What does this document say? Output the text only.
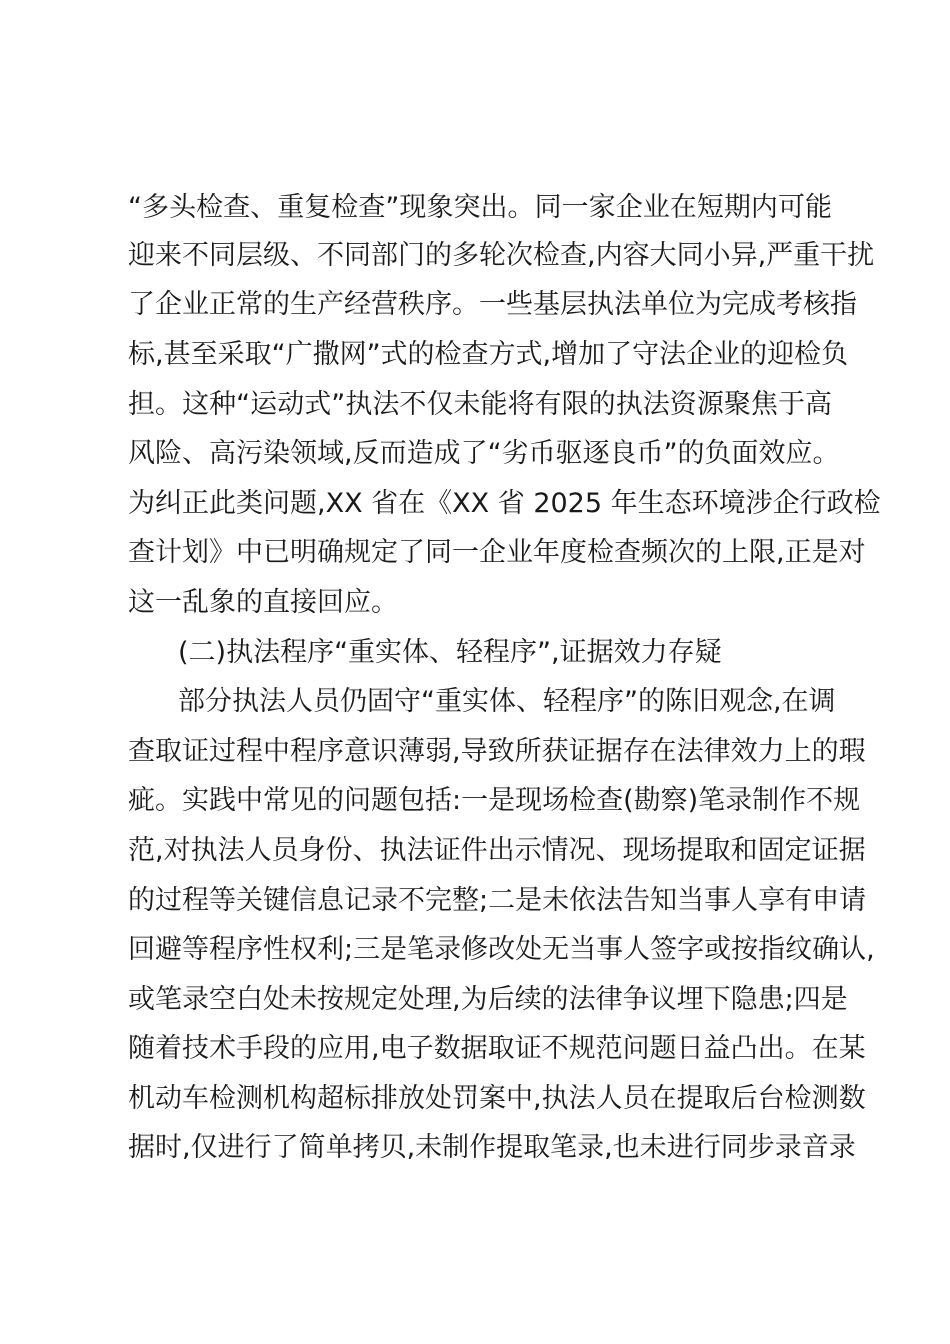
“多头检查、重复检查”现象突出。同一家企业在短期内可能
迎来不同层级、不同部门的多轮次检查,内容大同小异,严重干扰
了企业正常的生产经营秩序。一些基层执法单位为完成考核指
标,甚至采取“广撒网”式的检查方式,增加了守法企业的迎检负
担。这种“运动式”执法不仅未能将有限的执法资源聚焦于高
风险、高污染领域,反而造成了“劣币驱逐良币”的负面效应。
为纠正此类问题,XX 省在《XX 省 2025 年生态环境涉企行政检
查计划》中已明确规定了同一企业年度检查频次的上限,正是对
这一乱象的直接回应。
(二)执法程序“重实体、轻程序”,证据效力存疑
部分执法人员仍固守“重实体、轻程序”的陈旧观念,在调
查取证过程中程序意识薄弱,导致所获证据存在法律效力上的瑕
疵。实践中常见的问题包括:一是现场检查(勘察)笔录制作不规
范,对执法人员身份、执法证件出示情况、现场提取和固定证据
的过程等关键信息记录不完整;二是未依法告知当事人享有申请
回避等程序性权利;三是笔录修改处无当事人签字或按指纹确认,
或笔录空白处未按规定处理,为后续的法律争议埋下隐患;四是
随着技术手段的应用,电子数据取证不规范问题日益凸出。在某
机动车检测机构超标排放处罚案中,执法人员在提取后台检测数
据时,仅进行了简单拷贝,未制作提取笔录,也未进行同步录音录
